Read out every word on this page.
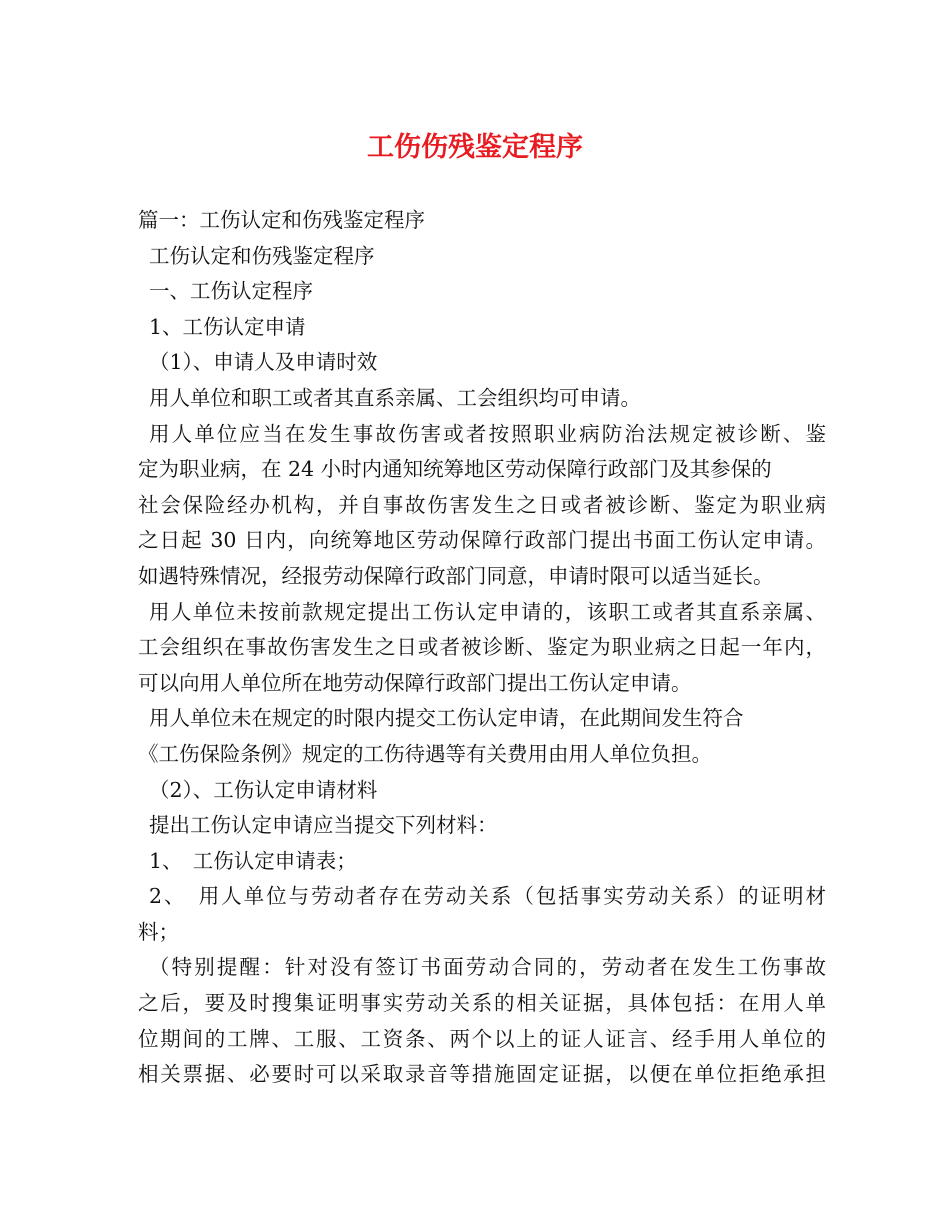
工伤伤残鉴定程序

篇一：工伤认定和伤残鉴定程序

工伤认定和伤残鉴定程序

一、工伤认定程序

1、工伤认定申请

（1）、申请人及申请时效

用人单位和职工或者其直系亲属、工会组织均可申请。

用人单位应当在发生事故伤害或者按照职业病防治法规定被诊断、鉴

定为职业病，在 24 小时内通知统筹地区劳动保障行政部门及其参保的

社会保险经办机构，并自事故伤害发生之日或者被诊断、鉴定为职业病

之日起 30 日内，向统筹地区劳动保障行政部门提出书面工伤认定申请。

如遇特殊情况，经报劳动保障行政部门同意，申请时限可以适当延长。

用人单位未按前款规定提出工伤认定申请的，该职工或者其直系亲属、

工会组织在事故伤害发生之日或者被诊断、鉴定为职业病之日起一年内，

可以向用人单位所在地劳动保障行政部门提出工伤认定申请。

用人单位未在规定的时限内提交工伤认定申请，在此期间发生符合

《工伤保险条例》规定的工伤待遇等有关费用由用人单位负担。

（2）、工伤认定申请材料

提出工伤认定申请应当提交下列材料：

1、　工伤认定申请表；

2、　用人单位与劳动者存在劳动关系（包括事实劳动关系）的证明材

料；

（特别提醒：针对没有签订书面劳动合同的，劳动者在发生工伤事故

之后，要及时搜集证明事实劳动关系的相关证据，具体包括：在用人单

位期间的工牌、工服、工资条、两个以上的证人证言、经手用人单位的

相关票据、必要时可以采取录音等措施固定证据，以便在单位拒绝承担
